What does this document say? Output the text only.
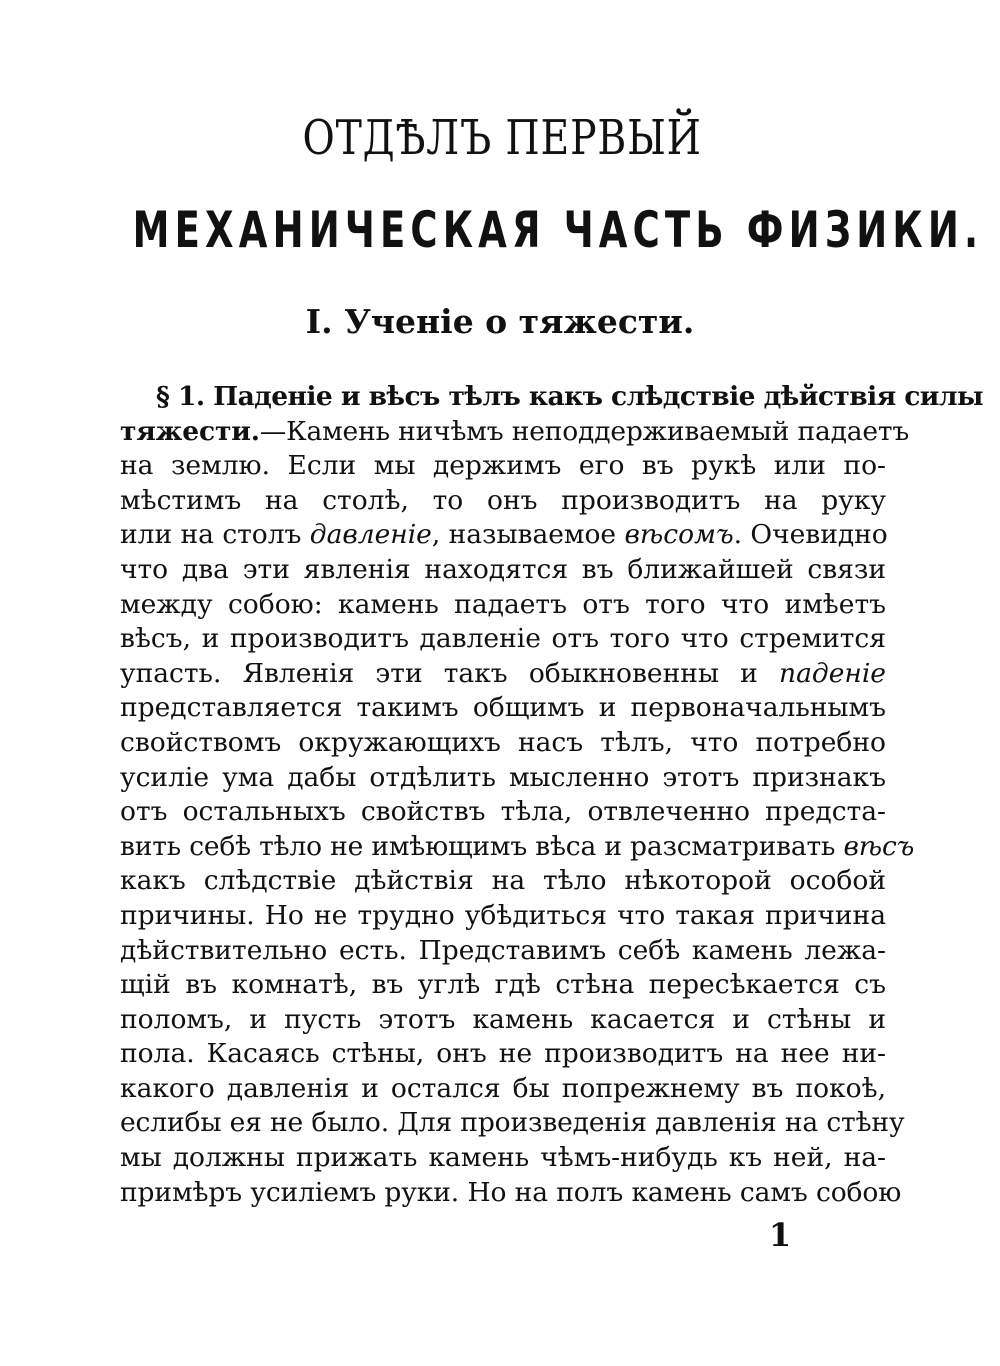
ОТДѢЛЪ ПЕРВЫЙ
МЕХАНИЧЕСКАЯ ЧАСТЬ ФИЗИКИ.
I. Ученіе о тяжести.
§ 1. Паденіе и вѣсъ тѣлъ какъ слѣдствіе дѣйствія силы
тяжести.—Камень ничѣмъ неподдерживаемый падаетъ
на землю. Если мы держимъ его въ рукѣ или по-
мѣстимъ на столѣ, то онъ производитъ на руку
или на столъ давленіе, называемое вѣсомъ. Очевидно
что два эти явленія находятся въ ближайшей связи
между собою: камень падаетъ отъ того что имѣетъ
вѣсъ, и производитъ давленіе отъ того что стремится
упасть. Явленія эти такъ обыкновенны и паденіе
представляется такимъ общимъ и первоначальнымъ
свойствомъ окружающихъ насъ тѣлъ, что потребно
усиліе ума дабы отдѣлить мысленно этотъ признакъ
отъ остальныхъ свойствъ тѣла, отвлеченно предста-
вить себѣ тѣло не имѣющимъ вѣса и разсматривать вѣсъ
какъ слѣдствіе дѣйствія на тѣло нѣкоторой особой
причины. Но не трудно убѣдиться что такая причина
дѣйствительно есть. Представимъ себѣ камень лежа-
щій въ комнатѣ, въ углѣ гдѣ стѣна пересѣкается съ
поломъ, и пусть этотъ камень касается и стѣны и
пола. Касаясь стѣны, онъ не производитъ на нее ни-
какого давленія и остался бы попрежнему въ покоѣ,
еслибы ея не было. Для произведенія давленія на стѣну
мы должны прижать камень чѣмъ-нибудь къ ней, на-
примѣръ усиліемъ руки. Но на полъ камень самъ собою
1
